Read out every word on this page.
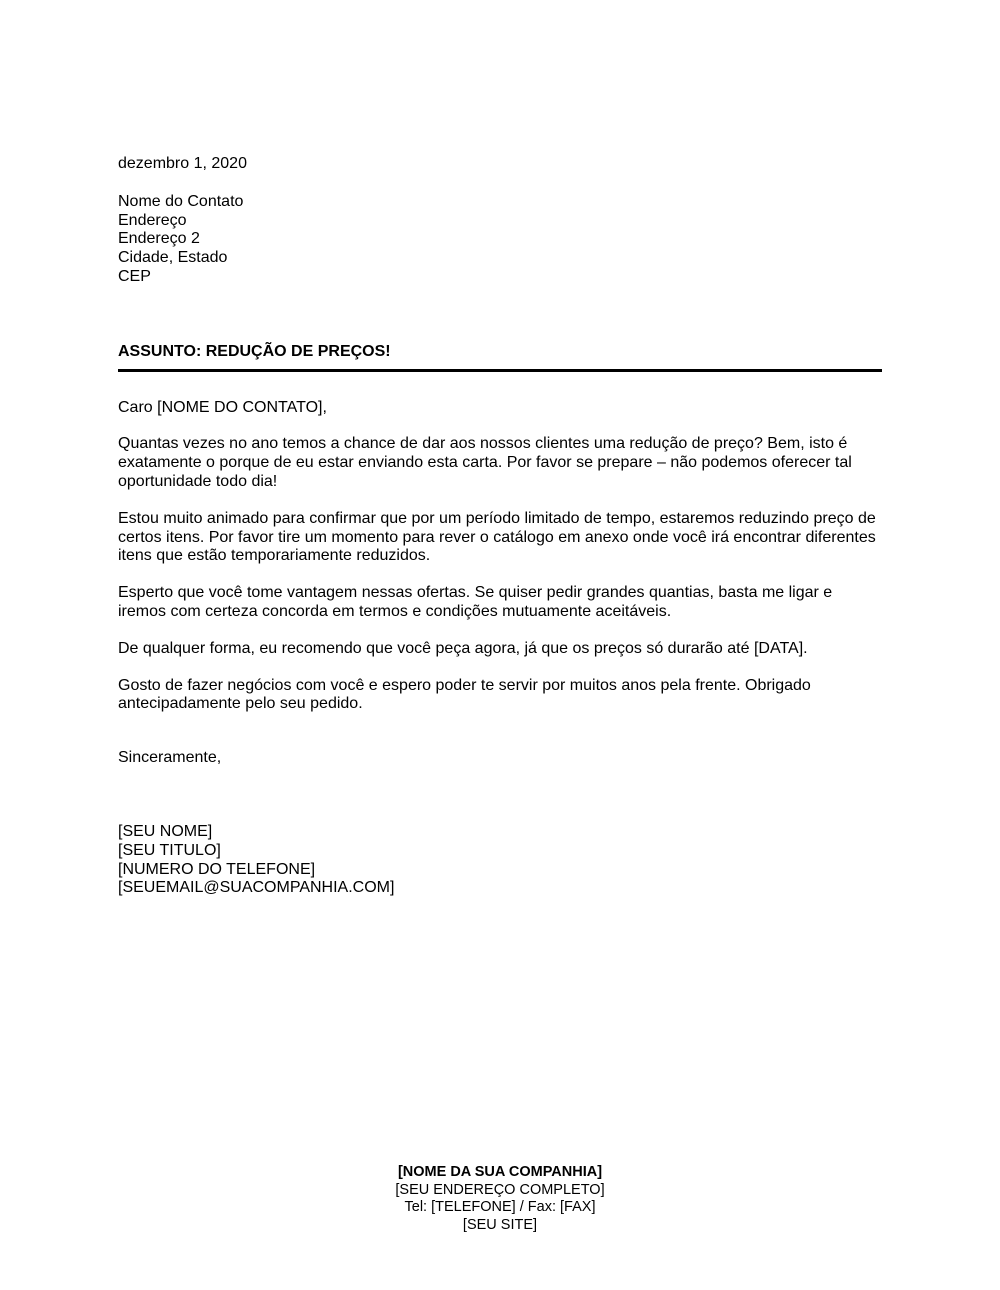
dezembro 1, 2020
Nome do Contato
Endereço
Endereço 2
Cidade, Estado
CEP
ASSUNTO: REDUÇÃO DE PREÇOS!
Caro [NOME DO CONTATO],
Quantas vezes no ano temos a chance de dar aos nossos clientes uma redução de preço? Bem, isto é exatamente o porque de eu estar enviando esta carta. Por favor se prepare – não podemos oferecer tal oportunidade todo dia!
Estou muito animado para confirmar que por um período limitado de tempo, estaremos reduzindo preço de certos itens. Por favor tire um momento para rever o catálogo em anexo onde você irá encontrar diferentes itens que estão temporariamente reduzidos.
Esperto que você tome vantagem nessas ofertas. Se quiser pedir grandes quantias, basta me ligar e iremos com certeza concorda em termos e condições mutuamente aceitáveis.
De qualquer forma, eu recomendo que você peça agora, já que os preços só durarão até [DATA].
Gosto de fazer negócios com você e espero poder te servir por muitos anos pela frente. Obrigado antecipadamente pelo seu pedido.
Sinceramente,
[SEU NOME]
[SEU TITULO]
[NUMERO DO TELEFONE]
[SEUEMAIL@SUACOMPANHIA.COM]
[NOME DA SUA COMPANHIA]
[SEU ENDEREÇO COMPLETO]
Tel: [TELEFONE] / Fax: [FAX]
[SEU SITE]
